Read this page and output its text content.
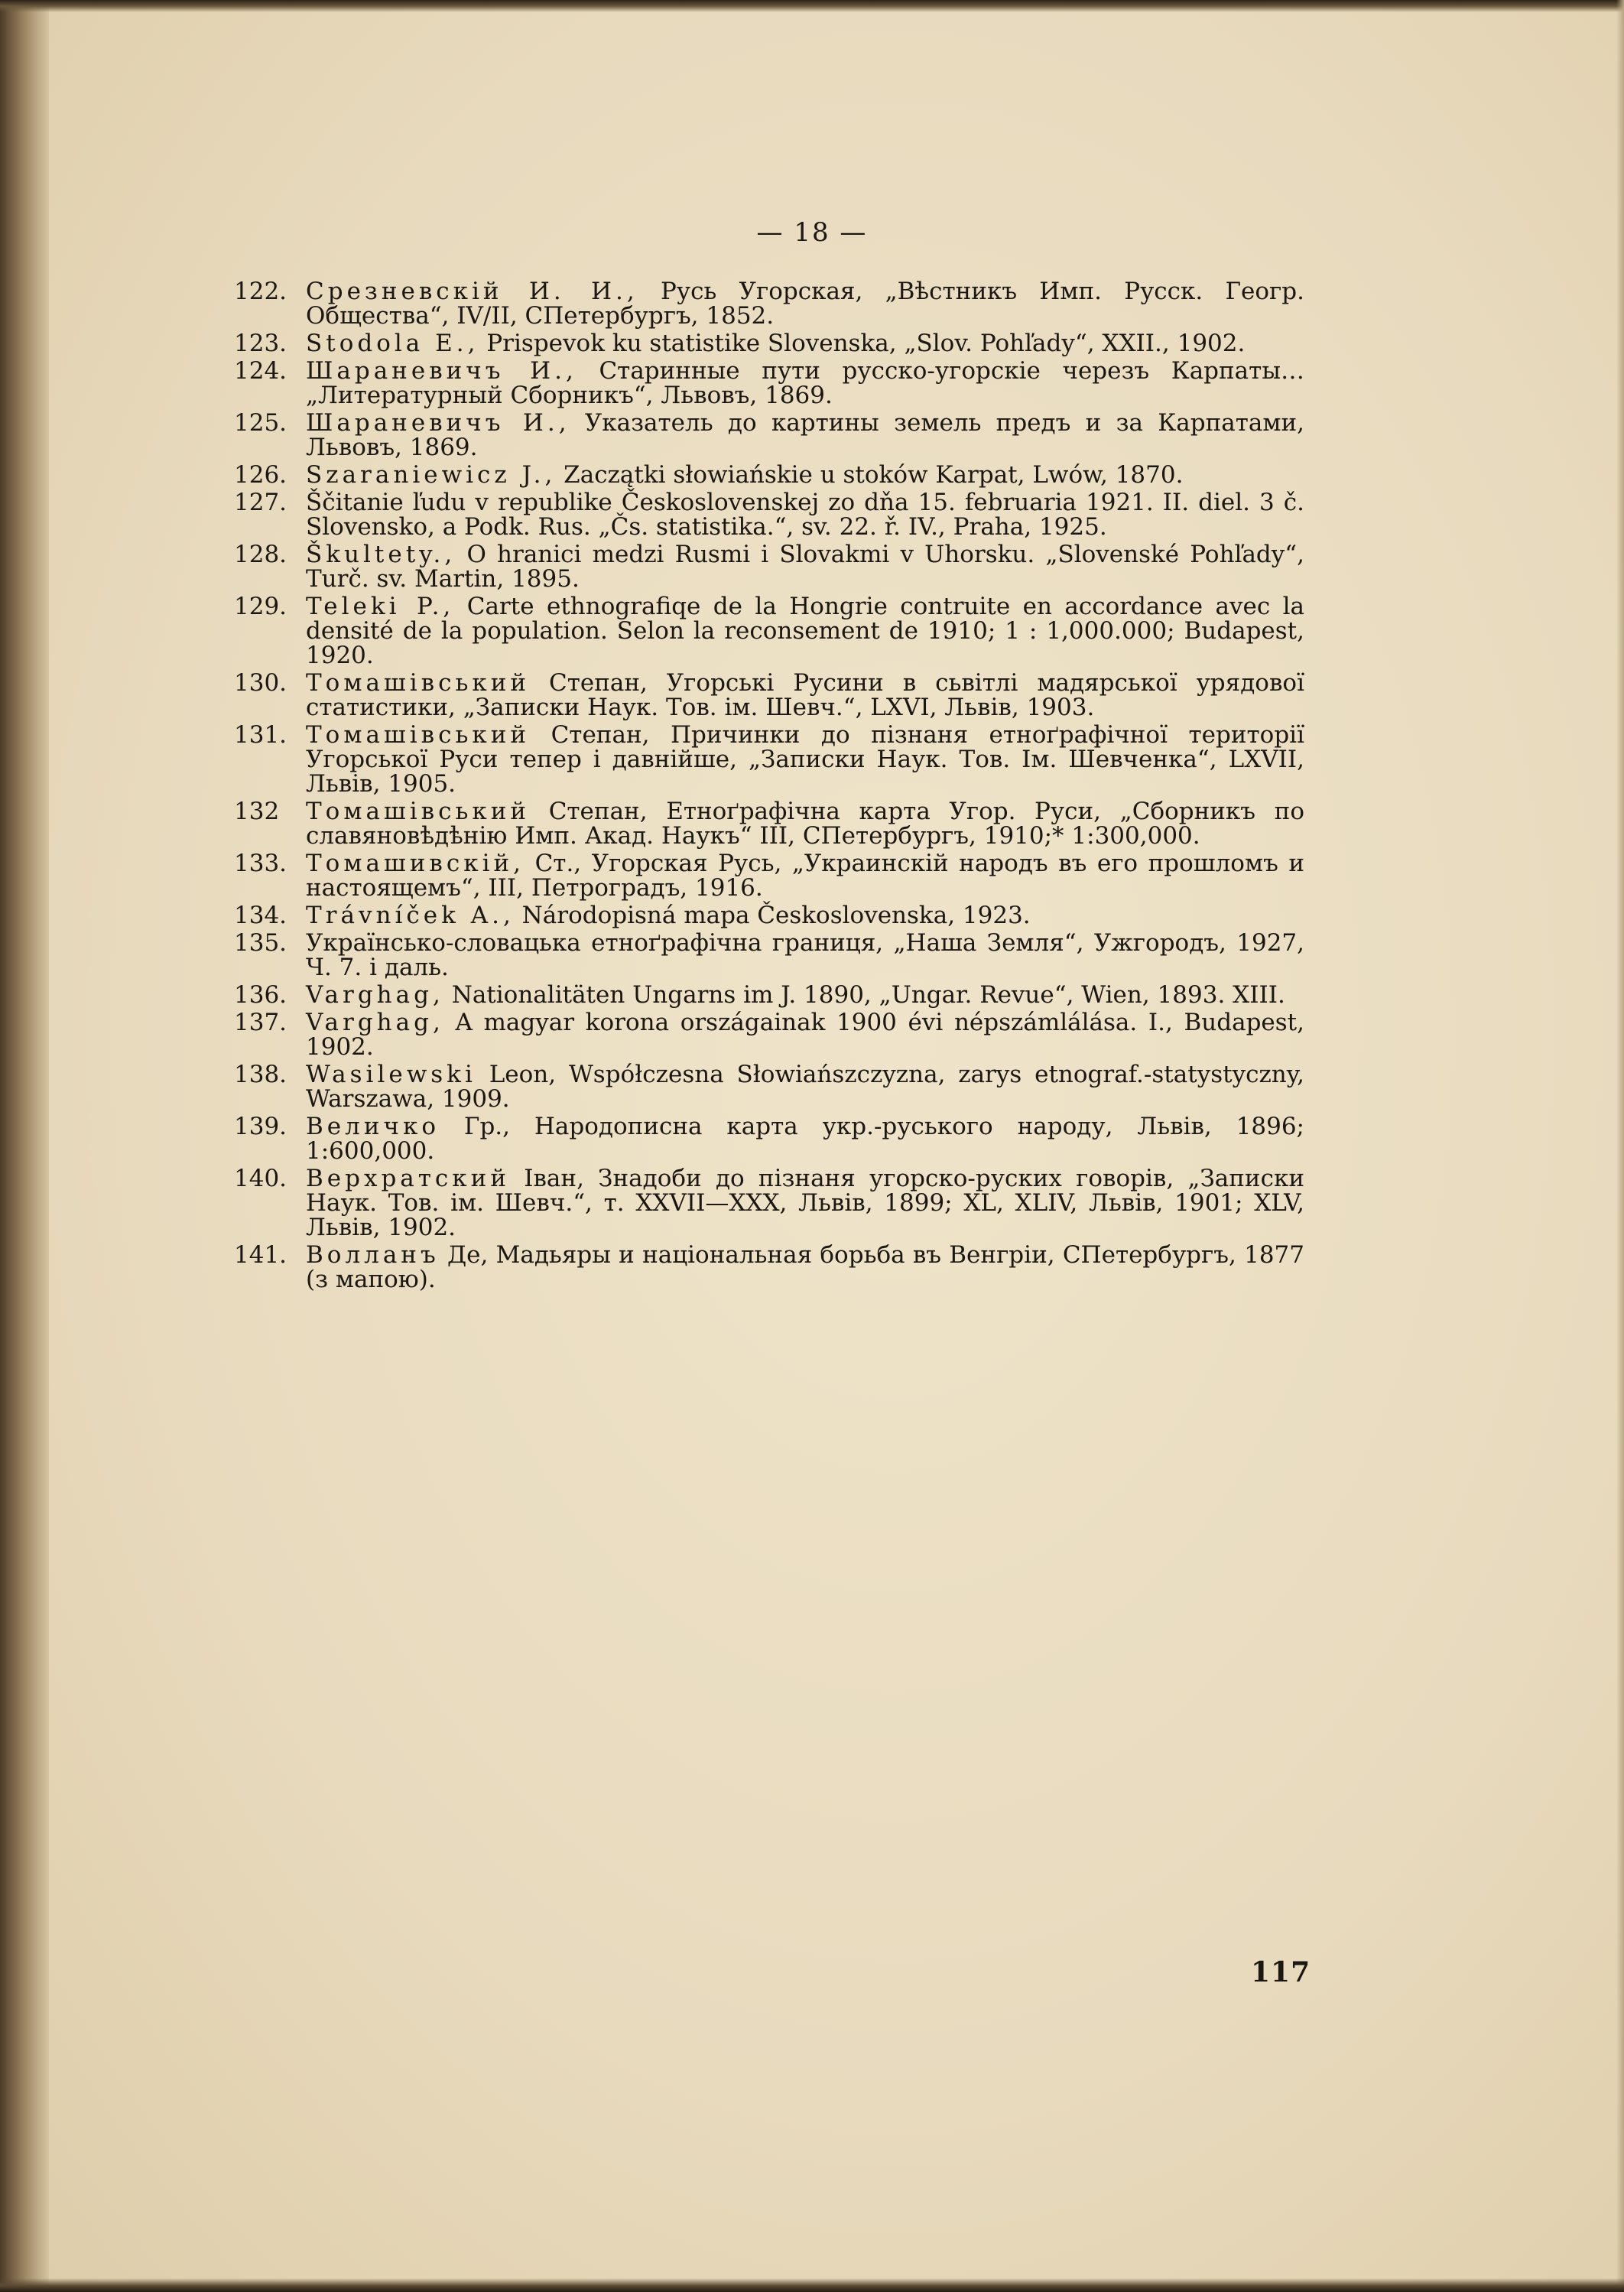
— 18 —
122. Срезневскій И. И., Русь Угорская, „Вѣстникъ Имп. Русск. Геогр. Общества“, IV/II, СПетербургъ, 1852.
123. Stodola E., Prispevok ku statistike Slovenska, „Slov. Pohľady“, XXII., 1902.
124. Шараневичъ И., Старинные пути русско-угорскіе черезъ Карпаты… „Литературный Сборникъ“, Львовъ, 1869.
125. Шараневичъ И., Указатель до картины земель предъ и за Карпатами, Львовъ, 1869.
126. Szaraniewicz J., Zaczątki słowiańskie u stoków Karpat, Lwów, 1870.
127. Ščitanie ľudu v republike Československej zo dňa 15. februaria 1921. II. diel. 3 č. Slovensko, a Podk. Rus. „Čs. statistika.“, sv. 22. ř. IV., Praha, 1925.
128. Škultety., O hranici medzi Rusmi i Slovakmi v Uhorsku. „Slovenské Pohľady“, Turč. sv. Martin, 1895.
129. Teleki P., Carte ethnografiqe de la Hongrie contruite en accordance avec la densité de la population. Selon la reconsement de 1910; 1 : 1,000.000; Budapest, 1920.
130. Томашівський Степан, Угорські Русини в сьвітлі мадярської урядової статистики, „Записки Наук. Тов. ім. Шевч.“, LXVI, Львів, 1903.
131. Томашівський Степан, Причинки до пізнаня етноґрафічної території Угорської Руси тепер і давнійше, „Записки Наук. Тов. Ім. Шевченка“, LXVII, Львів, 1905.
132 Томашівський Степан, Етноґрафічна карта Угор. Руси, „Сборникъ по славяновѣдѣнію Имп. Акад. Наукъ“ III, СПетербургъ, 1910;* 1:300,000.
133. Томашивскій, Ст., Угорская Русь, „Украинскій народъ въ его прошломъ и настоящемъ“, III, Петроградъ, 1916.
134. Trávníček A., Národopisná mapa Československa, 1923.
135. Українсько-словацька етноґрафічна границя, „Наша Земля“, Ужгородъ, 1927, Ч. 7. і даль.
136. Varghag, Nationalitäten Ungarns im J. 1890, „Ungar. Revue“, Wien, 1893. XIII.
137. Varghag, A magyar korona országainak 1900 évi népszámlálása. I., Budapest, 1902.
138. Wasilewski Leon, Współczesna Słowiańszczyzna, zarys etnograf.-statystyczny, Warszawa, 1909.
139. Величко Гр., Народописна карта укр.-руського народу, Львів, 1896; 1:600,000.
140. Верхратский Іван, Знадоби до пізнаня угорско-руских говорів, „Записки Наук. Тов. ім. Шевч.“, т. XXVII—XXX, Львів, 1899; XL, XLIV, Львів, 1901; XLV, Львів, 1902.
141. Волланъ Де, Мадьяры и національная борьба въ Венгріи, СПетербургъ, 1877 (з мапою).
117
